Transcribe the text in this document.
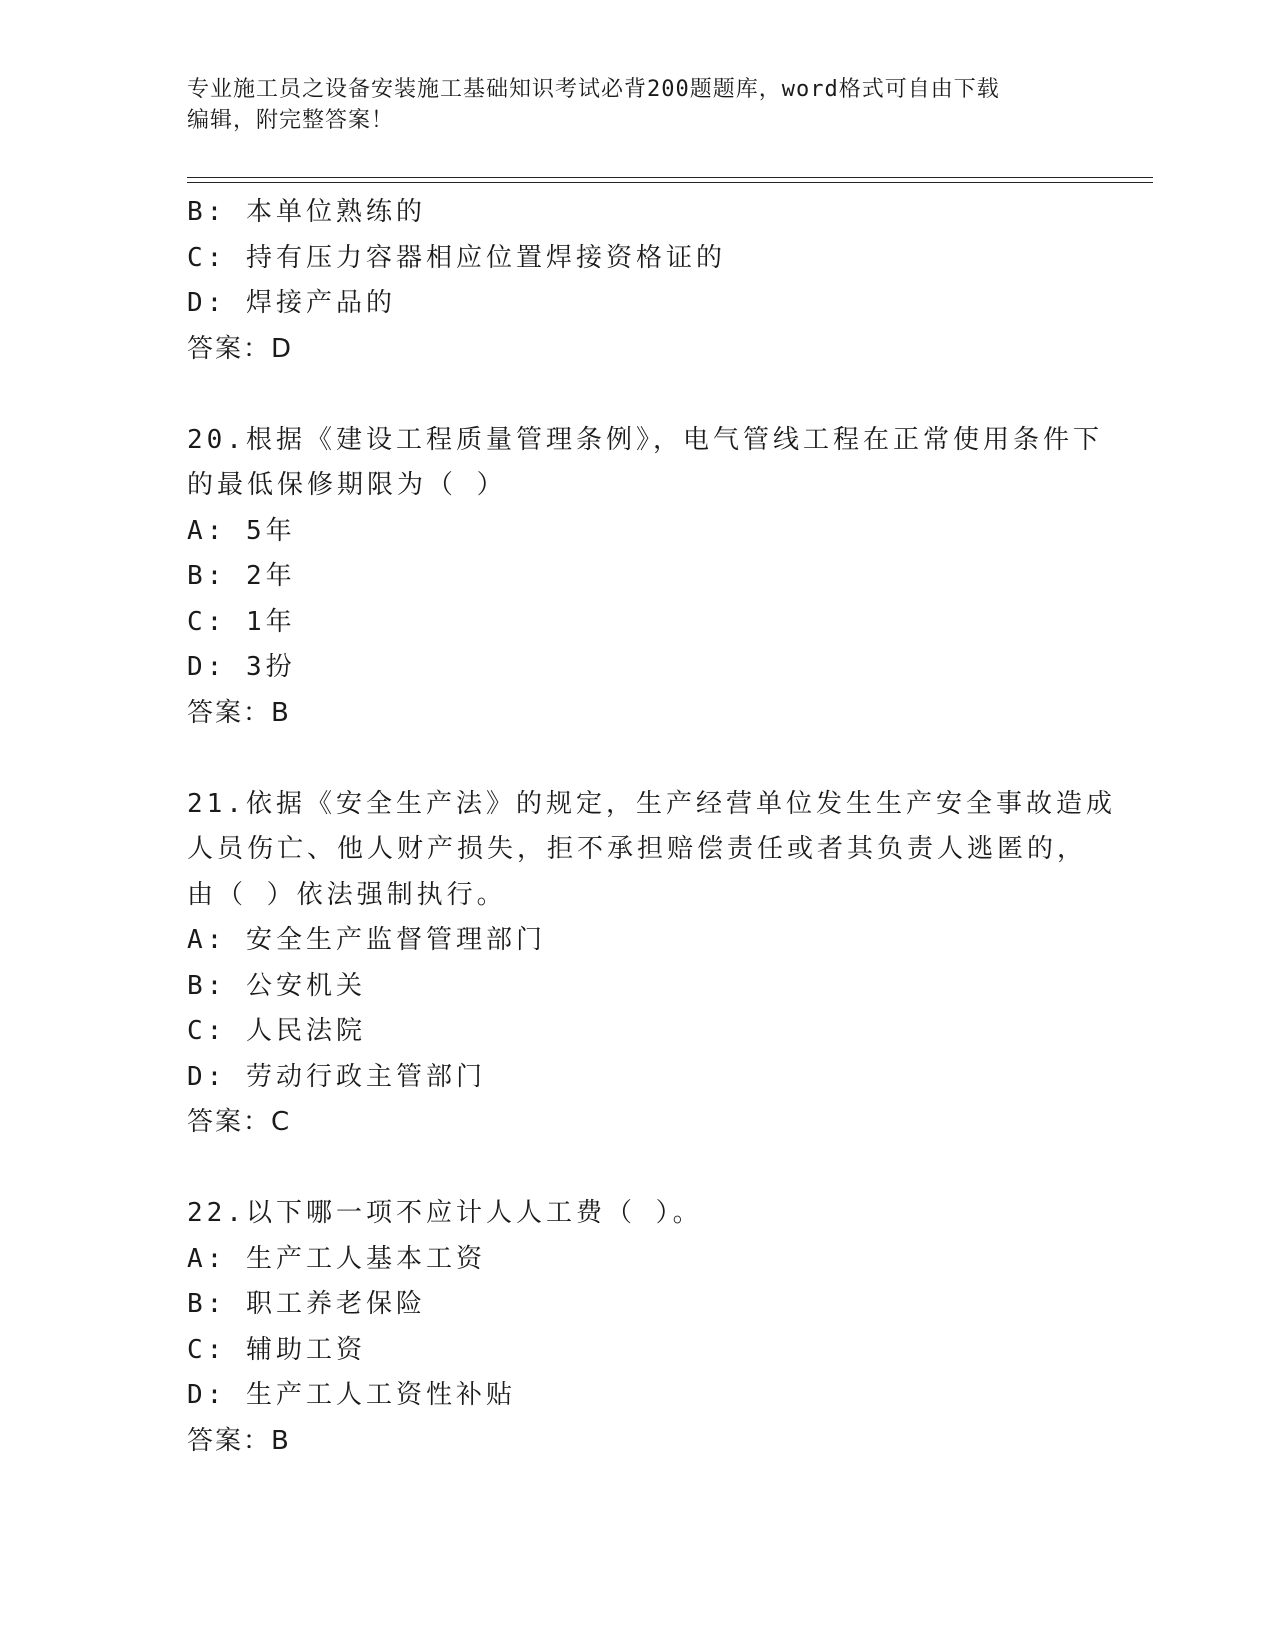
专业施工员之设备安装施工基础知识考试必背200题题库，word格式可自由下载
编辑，附完整答案！
B: 本单位熟练的
C: 持有压力容器相应位置焊接资格证的
D: 焊接产品的
答案：D
20.根据《建设工程质量管理条例》，电气管线工程在正常使用条件下
的最低保修期限为（ ）
A: 5年
B: 2年
C: 1年
D: 3扮
答案：B
21.依据《安全生产法》的规定，生产经营单位发生生产安全事故造成
人员伤亡、他人财产损失，拒不承担赔偿责任或者其负责人逃匿的，
由（ ）依法强制执行。
A: 安全生产监督管理部门
B: 公安机关
C: 人民法院
D: 劳动行政主管部门
答案：C
22.以下哪一项不应计人人工费（ ）。
A: 生产工人基本工资
B: 职工养老保险
C: 辅助工资
D: 生产工人工资性补贴
答案：B
